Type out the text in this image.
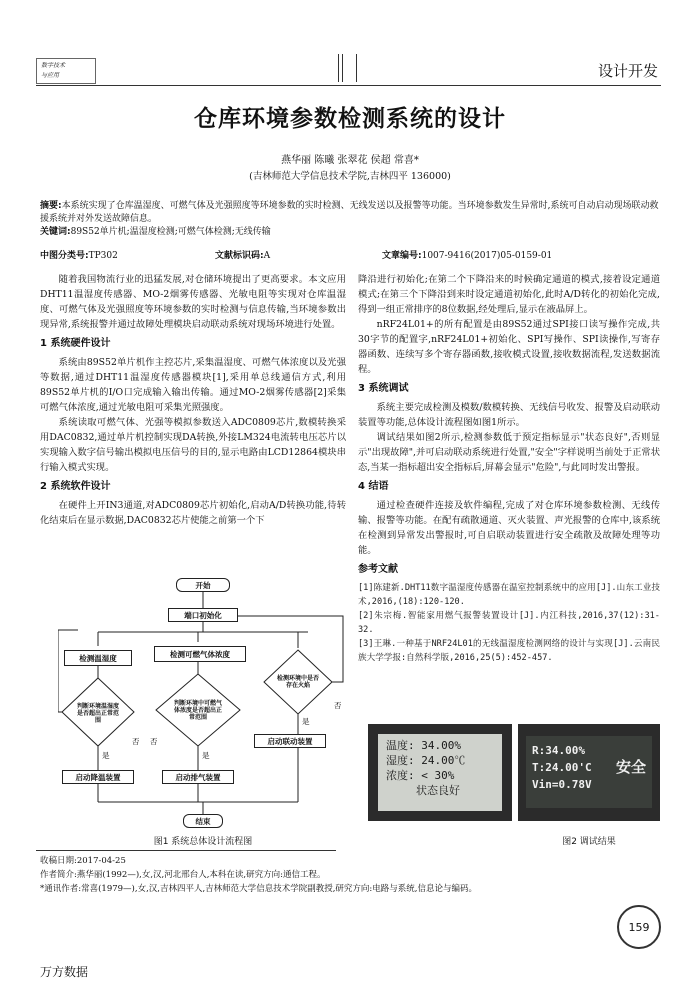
数字技术
与应用	设计开发
仓库环境参数检测系统的设计
燕华丽 陈曦 张翠花 侯超 常喜*
(吉林师范大学信息技术学院,吉林四平 136000)
摘要:本系统实现了仓库温湿度、可燃气体及光强照度等环境参数的实时检测、无线发送以及报警等功能。当环境参数发生异常时,系统可自动启动现场联动救援系统并对外发送故障信息。
关键词:89S52单片机;温湿度检测;可燃气体检测;无线传输
中图分类号:TP302	文献标识码:A	文章编号:1007-9416(2017)05-0159-01

随着我国物流行业的迅猛发展,对仓储环境提出了更高要求。本文应用DHT11温湿度传感器、MO-2烟雾传感器、光敏电阻等实现对仓库温湿度、可燃气体及光强照度等环境参数的实时检测与信息传输,当环境参数出现异常,系统报警并通过故障处理模块启动联动系统对现场环境进行处置。

1 系统硬件设计

系统由89S52单片机作主控芯片,采集温湿度、可燃气体浓度以及光强等数据,通过DHT11温湿度传感器模块[1],采用单总线通信方式,利用89S52单片机的I/O口完成输入输出传输。通过MO-2烟雾传感器[2]采集可燃气体浓度,通过光敏电阻可采集光照强度。

系统读取可燃气体、光强等模拟参数送入ADC0809芯片,数模转换采用DAC0832,通过单片机控制实现DA转换,外接LM324电流转电压芯片以实现输入数字信号输出模拟电压信号的目的,显示电路由LCD12864模块串行输入模式实现。

2 系统软件设计

在硬件上开IN3通道,对ADC0809芯片初始化,启动A/D转换功能,待转化结束后在显示数据,DAC0832芯片使能之前第一个下

降沿进行初始化;在第二个下降沿来的时候确定通道的模式,接着设定通道模式;在第三个下降沿到来时设定通道初始化,此时A/D转化的初始化完成,得到一组正常排序的8位数据,经处理后,显示在液晶屏上。

nRF24L01+的所有配置是由89S52通过SPI接口读写操作完成,共30字节的配置字,nRF24L01+初始化、SPI写操作、SPI读操作,写寄存器函数、连续写多个寄存器函数,接收模式设置,接收数据流程,发送数据流程。

3 系统调试

系统主要完成检测及模数/数模转换、无线信号收发、报警及启动联动装置等功能,总体设计流程图如图1所示。

调试结果如图2所示,检测参数低于预定指标显示"状态良好",否则显示"出现故障",并可启动联动系统进行处置,"安全"字样说明当前处于正常状态,当某一指标超出安全指标后,屏幕会显示"危险",与此同时发出警报。

4 结语

通过检查硬件连接及软件编程,完成了对仓库环境参数检测、无线传输、报警等功能。在配有疏散通道、灭火装置、声光报警的仓库中,该系统在检测到异常发出警报时,可自启联动装置进行安全疏散及故障处理等功能。

参考文献

[1]陈建新.DHT11数字温湿度传感器在温室控制系统中的应用[J].山东工业技术,2016,(18):120-120.

[2]朱宗梅.智能家用燃气报警装置设计[J].内江科技,2016,37(12):31-32.

[3]王琳.一种基于NRF24L01的无线温湿度检测网络的设计与实现[J].云南民族大学学报:自然科学版,2016,25(5):452-457.

开始
端口初始化
检测温湿度	检测可燃气体浓度
判断环境温湿度是否超出正常范围
判断环境中可燃气体浓度是否超出正常范围
检测环境中是否存在火焰
启动联动装置
启动降温装置	启动排气装置
结束
是	是
否 否
是
否
图1 系统总体设计流程图
温度: 34.00%
湿度: 24.00℃
浓度: < 30%
状态良好
R:34.00%
T:24.00'C
Vin=0.78V
安全
图2 调试结果
收稿日期:2017-04-25
作者简介:燕华丽(1992—),女,汉,河北邢台人,本科在读,研究方向:通信工程。
*通讯作者:常喜(1979—),女,汉,吉林四平人,吉林师范大学信息技术学院副教授,研究方向:电路与系统,信息论与编码。
159
万方数据
